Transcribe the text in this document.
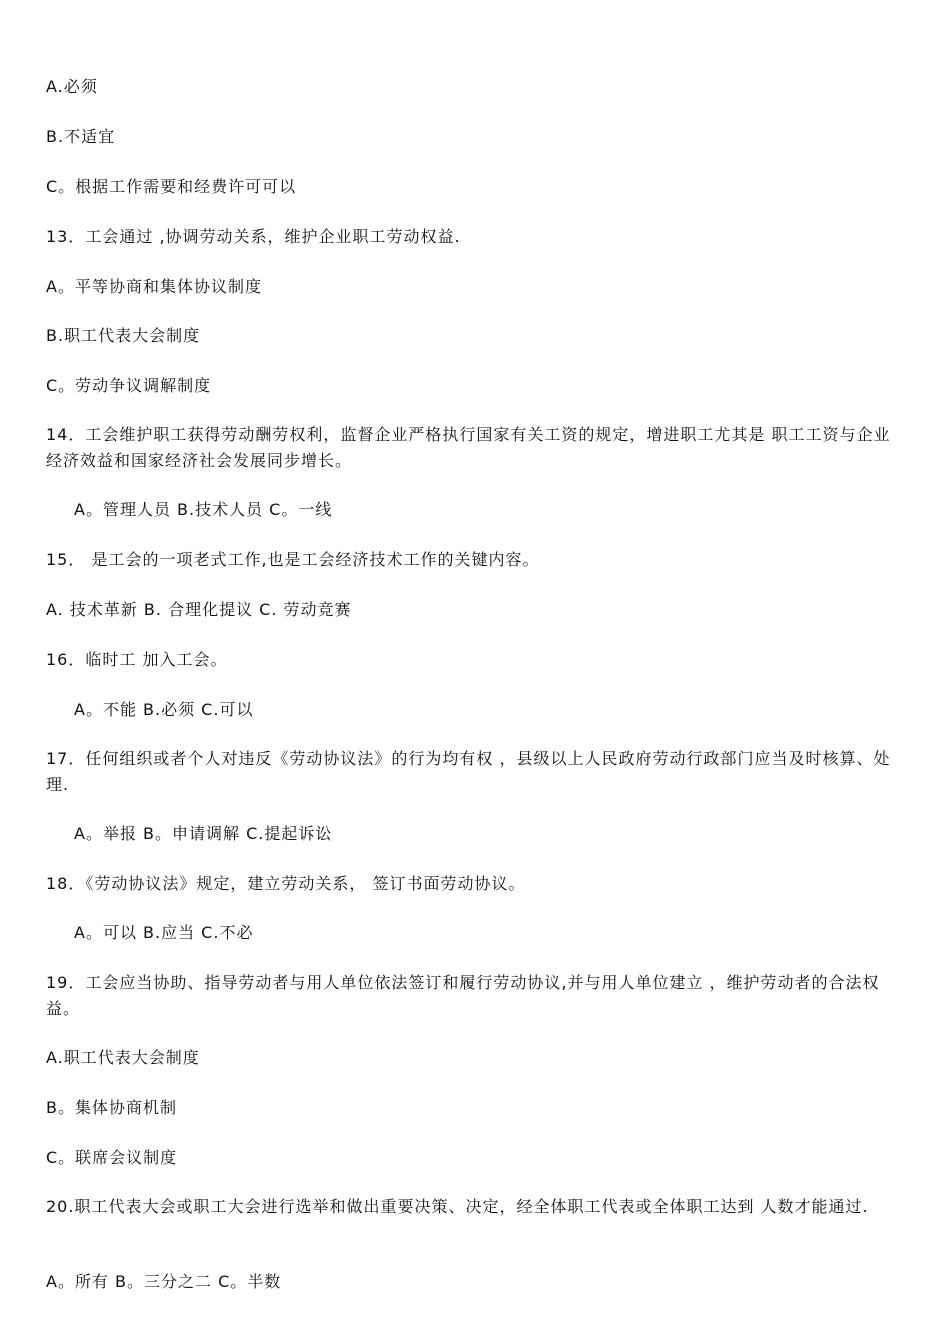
A.必须
B.不适宜
C。根据工作需要和经费许可可以
13．工会通过 ,协调劳动关系，维护企业职工劳动权益.
A。平等协商和集体协议制度
B.职工代表大会制度
C。劳动争议调解制度
14．工会维护职工获得劳动酬劳权利，监督企业严格执行国家有关工资的规定，增进职工尤其是 职工工资与企业经济效益和国家经济社会发展同步增长。
A。管理人员 B.技术人员 C。一线
15． 是工会的一项老式工作,也是工会经济技术工作的关键内容。
A. 技术革新 B. 合理化提议 C. 劳动竞赛
16．临时工 加入工会。
A。不能 B.必须 C.可以
17．任何组织或者个人对违反《劳动协议法》的行为均有权 ，县级以上人民政府劳动行政部门应当及时核算、处理.
A。举报 B。申请调解 C.提起诉讼
18．《劳动协议法》规定，建立劳动关系， 签订书面劳动协议。
A。可以 B.应当 C.不必
19．工会应当协助、指导劳动者与用人单位依法签订和履行劳动协议,并与用人单位建立 ，维护劳动者的合法权益。
A.职工代表大会制度
B。集体协商机制
C。联席会议制度
20.职工代表大会或职工大会进行选举和做出重要决策、决定，经全体职工代表或全体职工达到 人数才能通过.
A。所有 B。三分之二 C。半数
